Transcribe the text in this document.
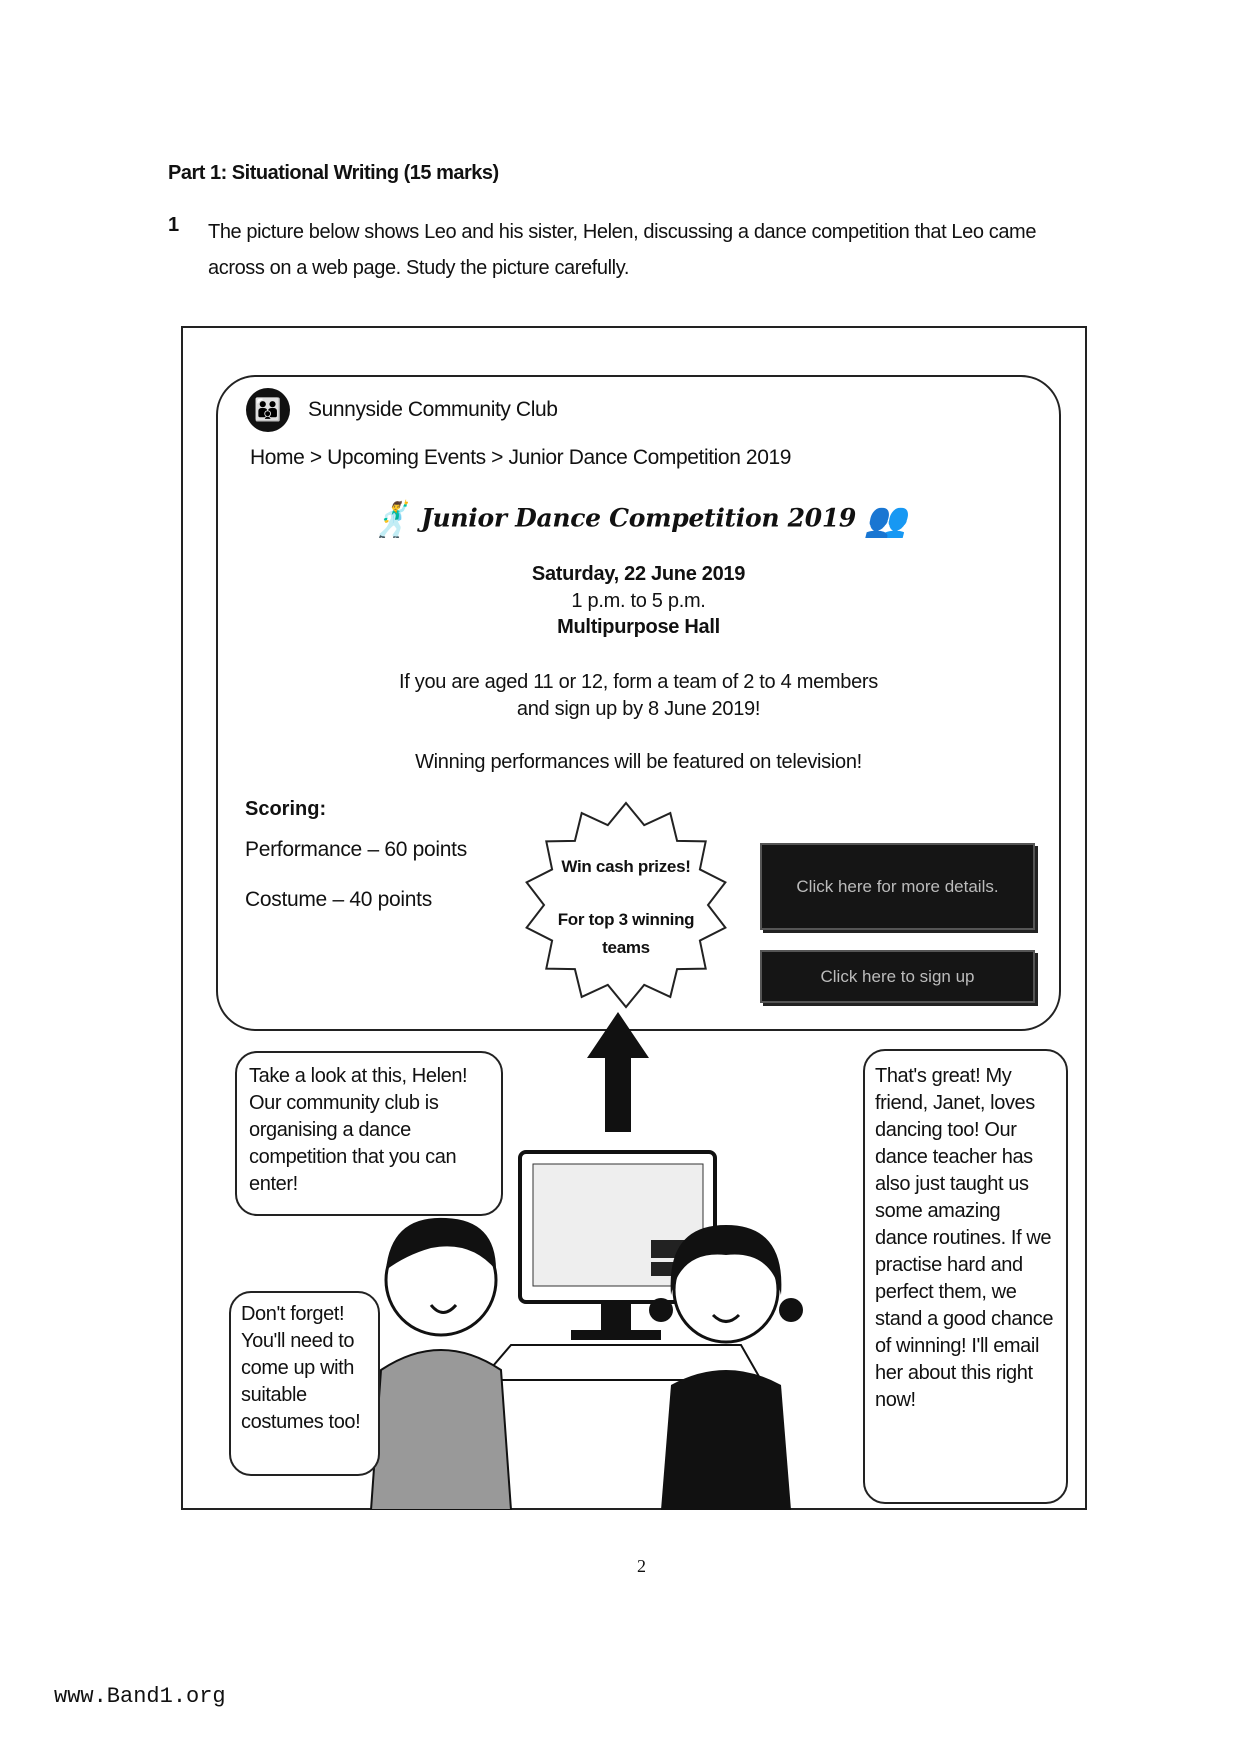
Part 1: Situational Writing (15 marks)
1 The picture below shows Leo and his sister, Helen, discussing a dance competition that Leo came across on a web page. Study the picture carefully.
👪	Sunnyside Community Club
Home > Upcoming Events > Junior Dance Competition 2019
🕺 Junior Dance Competition 2019 👥
Saturday, 22 June 2019
1 p.m. to 5 p.m.
Multipurpose Hall
If you are aged 11 or 12, form a team of 2 to 4 members
and sign up by 8 June 2019!
Winning performances will be featured on television!
Scoring:
Performance – 60 points
Costume – 40 points
Win cash prizes!
For top 3 winning teams
Click here for more details.
Click here to sign up
Take a look at this, Helen! Our community club is organising a dance competition that you can enter!
Don't forget! You'll need to come up with suitable costumes too!
That's great! My friend, Janet, loves dancing too! Our dance teacher has also just taught us some amazing dance routines. If we practise hard and perfect them, we stand a good chance of winning! I'll email her about this right now!
2
www.Band1.org
